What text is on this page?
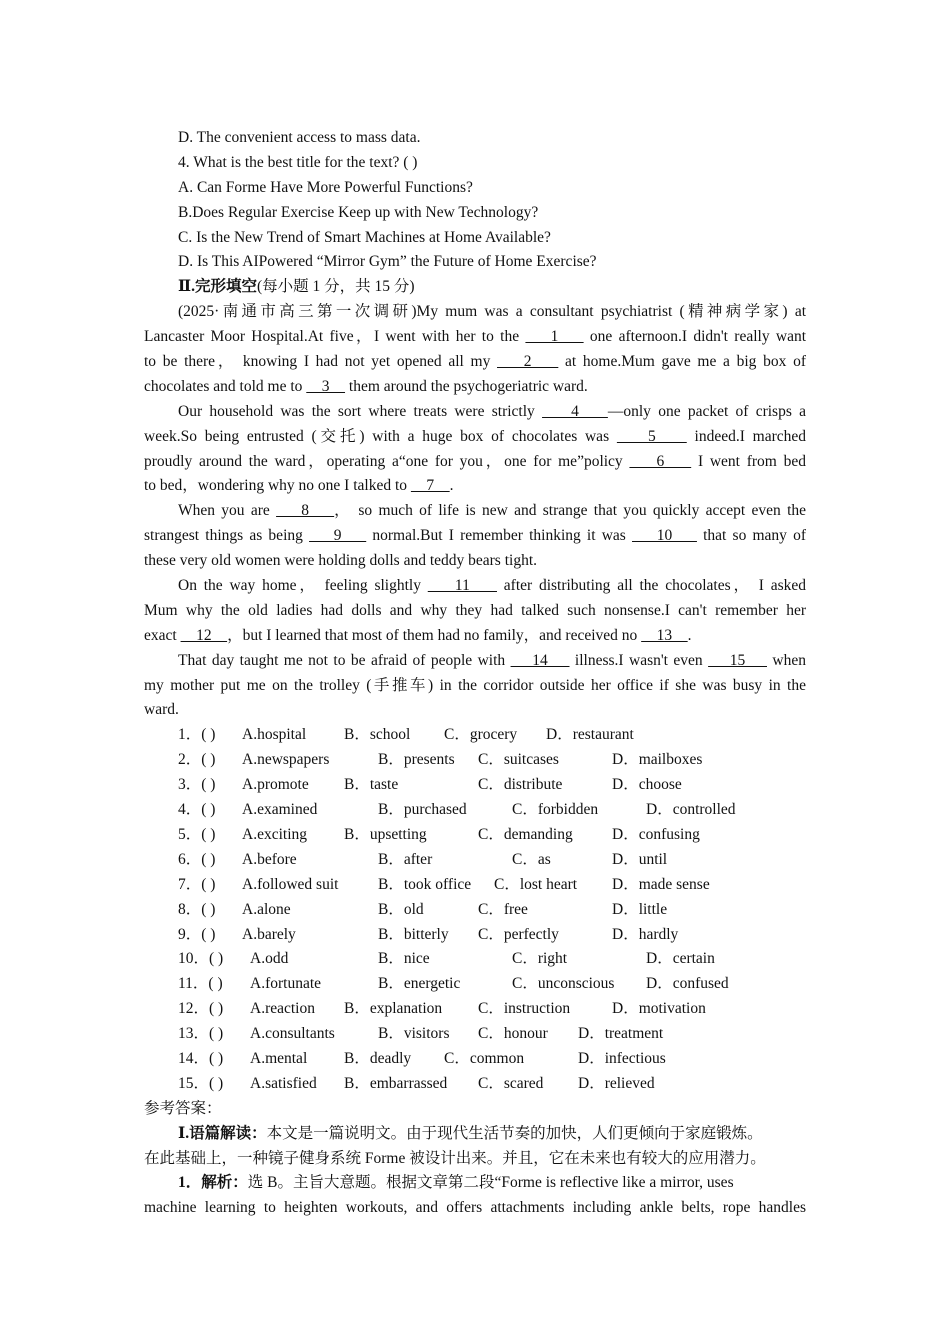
D. The convenient access to mass data.
4. What is the best title for the text? ( )
A. Can Forme Have More Powerful Functions?
B.Does Regular Exercise Keep up with New Technology?
C. Is the New Trend of Smart Machines at Home Available?
D. Is This AIPowered “Mirror Gym” the Future of Home Exercise?
Ⅱ.完形填空(每小题 1 分，共 15 分)
(2025·南通市高三第一次调研)My mum was a consultant psychiatrist (精神病学家) at
Lancaster Moor Hospital.At five，I went with her to the     1     one afternoon.I didn't really want
to be there， knowing I had not yet opened all my     2     at home.Mum gave me a big box of
chocolates and told me to     3     them around the psychogeriatric ward.
Our household was the sort where treats were strictly     4    —only one packet of crisps a
week.So being entrusted (交托) with a huge box of chocolates was     5     indeed.I marched
proudly around the ward，operating a“one for you，one for me”policy     6     I went from bed
to bed，wondering why no one I talked to     7    .
When you are     8    ， so much of life is new and strange that you quickly accept even the
strangest things as being     9     normal.But I remember thinking it was     10     that so many of
these very old women were holding dolls and teddy bears tight.
On the way home， feeling slightly     11     after distributing all the chocolates， I asked
Mum why the old ladies had dolls and why they had talked such nonsense.I can't remember her
exact     12    ，but I learned that most of them had no family，and received no     13    .
That day taught me not to be afraid of people with     14     illness.I wasn't even     15     when
my mother put me on the trolley (手推车) in the corridor outside her office if she was busy in the
ward.
1．( ) A.hospital B．school C．grocery D．restaurant
2．( ) A.newspapers	B．presents C．suitcases	D．mailboxes
3．( ) A.promote B．taste	C．distribute	D．choose
4．( ) A.examined	B．purchased	C．forbidden	D．controlled
5．( ) A.exciting B．upsetting	C．demanding	D．confusing
6．( ) A.before	B．after	C．as	D．until
7．( ) A.followed suit	B．took office C．lost heart D．made sense
8．( ) A.alone	B．old	C．free	D．little
9．( ) A.barely	B．bitterly C．perfectly	D．hardly
10．( ) A.odd	B．nice	C．right	D．certain
11．( ) A.fortunate	B．energetic	C．unconscious D．confused
12．( ) A.reaction B．explanation C．instruction	D．motivation
13．( ) A.consultants	B．visitors C．honour D．treatment
14．( ) A.mental B．deadly C．common	D．infectious
15．( ) A.satisfied B．embarrassed C．scared D．relieved
参考答案：
Ⅰ.语篇解读：本文是一篇说明文。由于现代生活节奏的加快，人们更倾向于家庭锻炼。
在此基础上，一种镜子健身系统 Forme 被设计出来。并且，它在未来也有较大的应用潜力。
1．解析：选 B。主旨大意题。根据文章第二段“Forme is reflective like a mirror, uses
machine learning to heighten workouts, and offers attachments including ankle belts, rope handles
